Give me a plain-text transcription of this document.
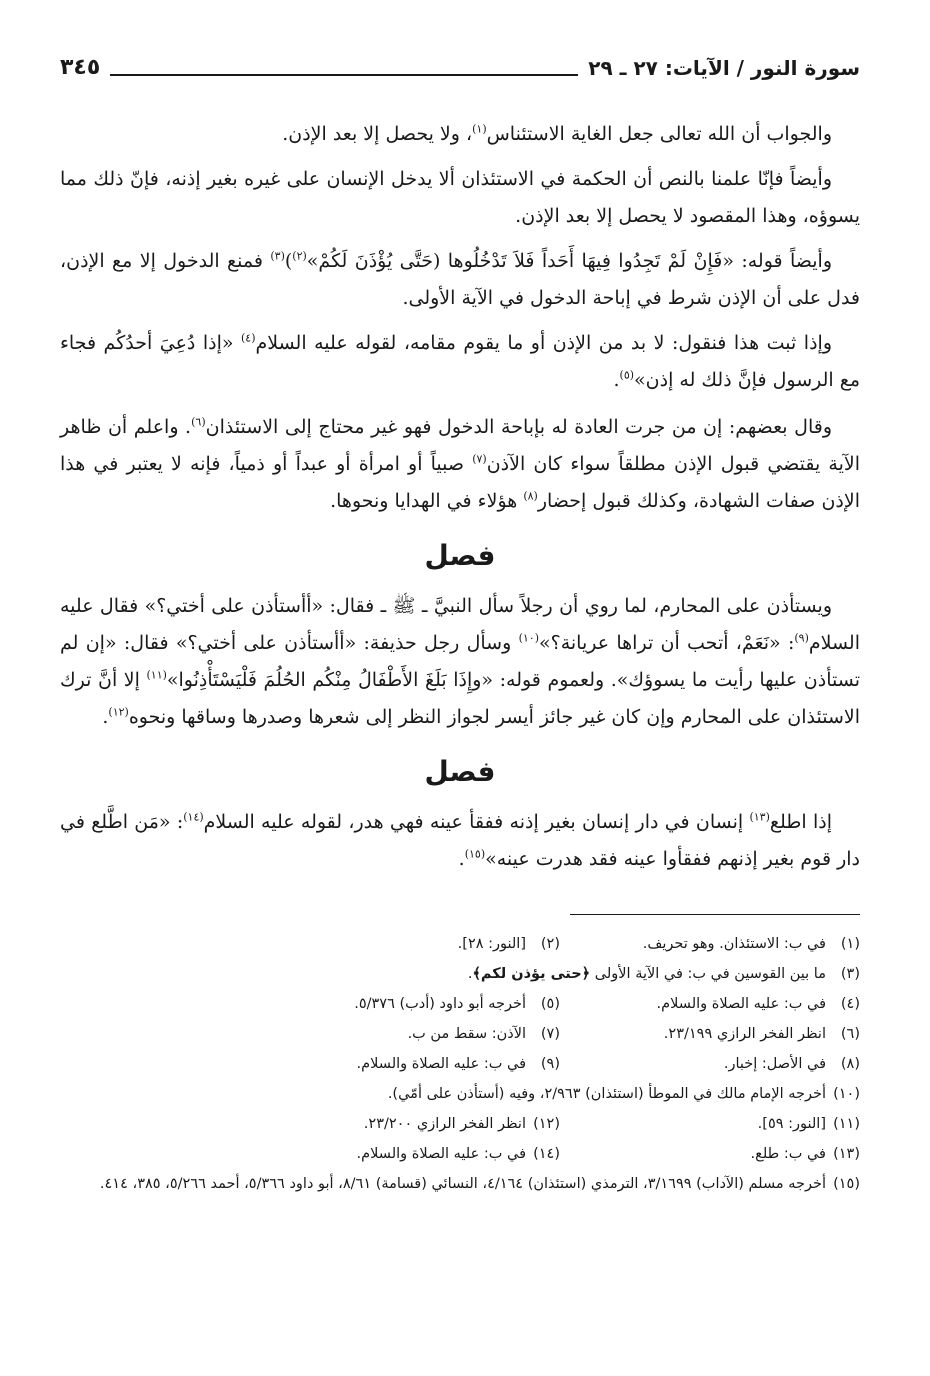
سورة النور / الآيات: ٢٧ ـ ٢٩
٣٤٥

والجواب أن الله تعالى جعل الغاية الاستئناس$^{(١)}$، ولا يحصل إلا بعد الإذن.

وأيضاً فإنّا علمنا بالنص أن الحكمة في الاستئذان ألا يدخل الإنسان على غيره بغير إذنه، فإنّ ذلك مما يسوؤه، وهذا المقصود لا يحصل إلا بعد الإذن.

وأيضاً قوله: «فَإِنْ لَمْ تَجِدُوا فِيهَا أَحَداً فَلاَ تَدْخُلُوها (حَتَّى يُؤْذَنَ لَكُمْ»$^{(٢)}$)$^{(٣)}$ فمنع الدخول إلا مع الإذن، فدل على أن الإذن شرط في إباحة الدخول في الآية الأولى.

وإذا ثبت هذا فنقول: لا بد من الإذن أو ما يقوم مقامه، لقوله عليه السلام$^{(٤)}$ «إذا دُعِيَ أحدُكُم فجاء مع الرسول فإنَّ ذلك له إذن»$^{(٥)}$.

وقال بعضهم: إن من جرت العادة له بإباحة الدخول فهو غير محتاج إلى الاستئذان$^{(٦)}$. واعلم أن ظاهر الآية يقتضي قبول الإذن مطلقاً سواء كان الآذن$^{(٧)}$ صبياً أو امرأة أو عبداً أو ذمياً، فإنه لا يعتبر في هذا الإذن صفات الشهادة، وكذلك قبول إحضار$^{(٨)}$ هؤلاء في الهدايا ونحوها.

فصل

ويستأذن على المحارم، لما روي أن رجلاً سأل النبيَّ ـ ﷺ ـ فقال: «أأستأذن على أختي؟» فقال عليه السلام$^{(٩)}$: «نَعَمْ، أتحب أن تراها عريانة؟»$^{(١٠)}$ وسأل رجل حذيفة: «أأستأذن على أختي؟» فقال: «إن لم تستأذن عليها رأيت ما يسوؤك». ولعموم قوله: «وإِذَا بَلَغَ الأَطْفَالُ مِنْكُم الحُلُمَ فَلْيَسْتَأْذِنُوا»$^{(١١)}$ إلا أنَّ ترك الاستئذان على المحارم وإن كان غير جائز أيسر لجواز النظر إلى شعرها وصدرها وساقها ونحوه$^{(١٢)}$.

فصل

إذا اطلع$^{(١٣)}$ إنسان في دار إنسان بغير إذنه ففقأ عينه فهي هدر، لقوله عليه السلام$^{(١٤)}$: «مَن اطَّلع في دار قوم بغير إذنهم ففقأوا عينه فقد هدرت عينه»$^{(١٥)}$.

(١)في ب: الاستئذان. وهو تحريف.
(٢)[النور: ٢٨].
(٣)ما بين القوسين في ب: في الآية الأولى ﴿حتى يؤذن لكم﴾.
(٤)في ب: عليه الصلاة والسلام.
(٥)أخرجه أبو داود (أدب) ٥/٣٧٦.
(٦)انظر الفخر الرازي ٢٣/١٩٩.
(٧)الآذن: سقط من ب.
(٨)في الأصل: إخبار.
(٩)في ب: عليه الصلاة والسلام.
(١٠)أخرجه الإمام مالك في الموطأ (استئذان) ٢/٩٦٣، وفيه (أستأذن على أمّي).
(١١)[النور: ٥٩].
(١٢)انظر الفخر الرازي ٢٣/٢٠٠.
(١٣)في ب: طلع.
(١٤)في ب: عليه الصلاة والسلام.
(١٥)أخرجه مسلم (الآداب) ٣/١٦٩٩، الترمذي (استئذان) ٤/١٦٤، النسائي (قسامة) ٨/٦١، أبو داود ٥/٣٦٦، أحمد ٥/٢٦٦، ٣٨٥، ٤١٤.
